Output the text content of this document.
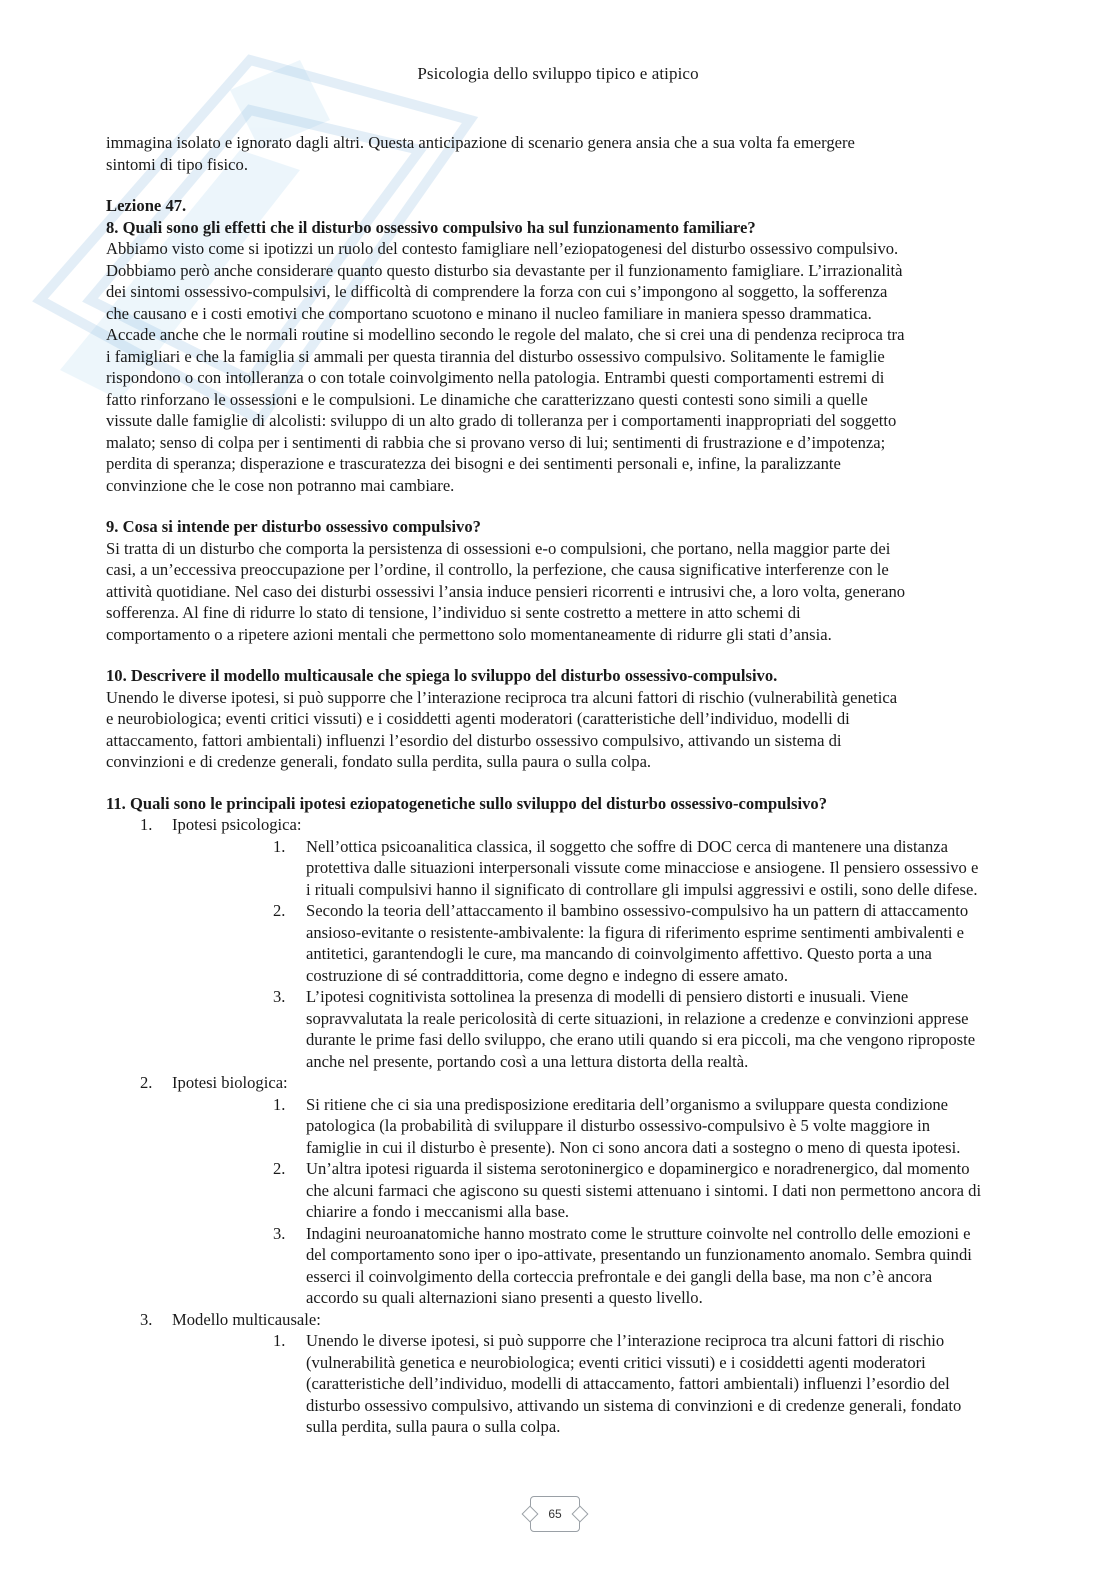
Psicologia dello sviluppo tipico e atipico

immagina isolato e ignorato dagli altri. Questa anticipazione di scenario genera ansia che a sua volta fa emergere

sintomi di tipo fisico.

Lezione 47.

8. Quali sono gli effetti che il disturbo ossessivo compulsivo ha sul funzionamento familiare?

Abbiamo visto come si ipotizzi un ruolo del contesto famigliare nell’eziopatogenesi del disturbo ossessivo compulsivo.

Dobbiamo però anche considerare quanto questo disturbo sia devastante per il funzionamento famigliare. L’irrazionalità

dei sintomi ossessivo-compulsivi, le difficoltà di comprendere la forza con cui s’impongono al soggetto, la sofferenza

che causano e i costi emotivi che comportano scuotono e minano il nucleo familiare in maniera spesso drammatica.

Accade anche che le normali routine si modellino secondo le regole del malato, che si crei una di pendenza reciproca tra

i famigliari e che la famiglia si ammali per questa tirannia del disturbo ossessivo compulsivo. Solitamente le famiglie

rispondono o con intolleranza o con totale coinvolgimento nella patologia. Entrambi questi comportamenti estremi di

fatto rinforzano le ossessioni e le compulsioni. Le dinamiche che caratterizzano questi contesti sono simili a quelle

vissute dalle famiglie di alcolisti: sviluppo di un alto grado di tolleranza per i comportamenti inappropriati del soggetto

malato; senso di colpa per i sentimenti di rabbia che si provano verso di lui; sentimenti di frustrazione e d’impotenza;

perdita di speranza; disperazione e trascuratezza dei bisogni e dei sentimenti personali e, infine, la paralizzante

convinzione che le cose non potranno mai cambiare.

9. Cosa si intende per disturbo ossessivo compulsivo?

Si tratta di un disturbo che comporta la persistenza di ossessioni e-o compulsioni, che portano, nella maggior parte dei

casi, a un’eccessiva preoccupazione per l’ordine, il controllo, la perfezione, che causa significative interferenze con le

attività quotidiane. Nel caso dei disturbi ossessivi l’ansia induce pensieri ricorrenti e intrusivi che, a loro volta, generano

sofferenza. Al fine di ridurre lo stato di tensione, l’individuo si sente costretto a mettere in atto schemi di

comportamento o a ripetere azioni mentali che permettono solo momentaneamente di ridurre gli stati d’ansia.

10. Descrivere il modello multicausale che spiega lo sviluppo del disturbo ossessivo-compulsivo.

Unendo le diverse ipotesi, si può supporre che l’interazione reciproca tra alcuni fattori di rischio (vulnerabilità genetica

e neurobiologica; eventi critici vissuti) e i cosiddetti agenti moderatori (caratteristiche dell’individuo, modelli di

attaccamento, fattori ambientali) influenzi l’esordio del disturbo ossessivo compulsivo, attivando un sistema di

convinzioni e di credenze generali, fondato sulla perdita, sulla paura o sulla colpa.

11. Quali sono le principali ipotesi eziopatogenetiche sullo sviluppo del disturbo ossessivo-compulsivo?

1. Ipotesi psicologica:
1. Nell’ottica psicoanalitica classica, il soggetto che soffre di DOC cerca di mantenere una distanza

protettiva dalle situazioni interpersonali vissute come minacciose e ansiogene. Il pensiero ossessivo e

i rituali compulsivi hanno il significato di controllare gli impulsi aggressivi e ostili, sono delle difese.

2. Secondo la teoria dell’attaccamento il bambino ossessivo-compulsivo ha un pattern di attaccamento

ansioso-evitante o resistente-ambivalente: la figura di riferimento esprime sentimenti ambivalenti e

antitetici, garantendogli le cure, ma mancando di coinvolgimento affettivo. Questo porta a una

costruzione di sé contraddittoria, come degno e indegno di essere amato.

3. L’ipotesi cognitivista sottolinea la presenza di modelli di pensiero distorti e inusuali. Viene

sopravvalutata la reale pericolosità di certe situazioni, in relazione a credenze e convinzioni apprese

durante le prime fasi dello sviluppo, che erano utili quando si era piccoli, ma che vengono riproposte

anche nel presente, portando così a una lettura distorta della realtà.

2. Ipotesi biologica:
1. Si ritiene che ci sia una predisposizione ereditaria dell’organismo a sviluppare questa condizione

patologica (la probabilità di sviluppare il disturbo ossessivo-compulsivo è 5 volte maggiore in

famiglie in cui il disturbo è presente). Non ci sono ancora dati a sostegno o meno di questa ipotesi.

2. Un’altra ipotesi riguarda il sistema serotoninergico e dopaminergico e noradrenergico, dal momento

che alcuni farmaci che agiscono su questi sistemi attenuano i sintomi. I dati non permettono ancora di

chiarire a fondo i meccanismi alla base.

3. Indagini neuroanatomiche hanno mostrato come le strutture coinvolte nel controllo delle emozioni e

del comportamento sono iper o ipo-attivate, presentando un funzionamento anomalo. Sembra quindi

esserci il coinvolgimento della corteccia prefrontale e dei gangli della base, ma non c’è ancora

accordo su quali alternazioni siano presenti a questo livello.

3. Modello multicausale:
1. Unendo le diverse ipotesi, si può supporre che l’interazione reciproca tra alcuni fattori di rischio

(vulnerabilità genetica e neurobiologica; eventi critici vissuti) e i cosiddetti agenti moderatori

(caratteristiche dell’individuo, modelli di attaccamento, fattori ambientali) influenzi l’esordio del

disturbo ossessivo compulsivo, attivando un sistema di convinzioni e di credenze generali, fondato

sulla perdita, sulla paura o sulla colpa.

65
